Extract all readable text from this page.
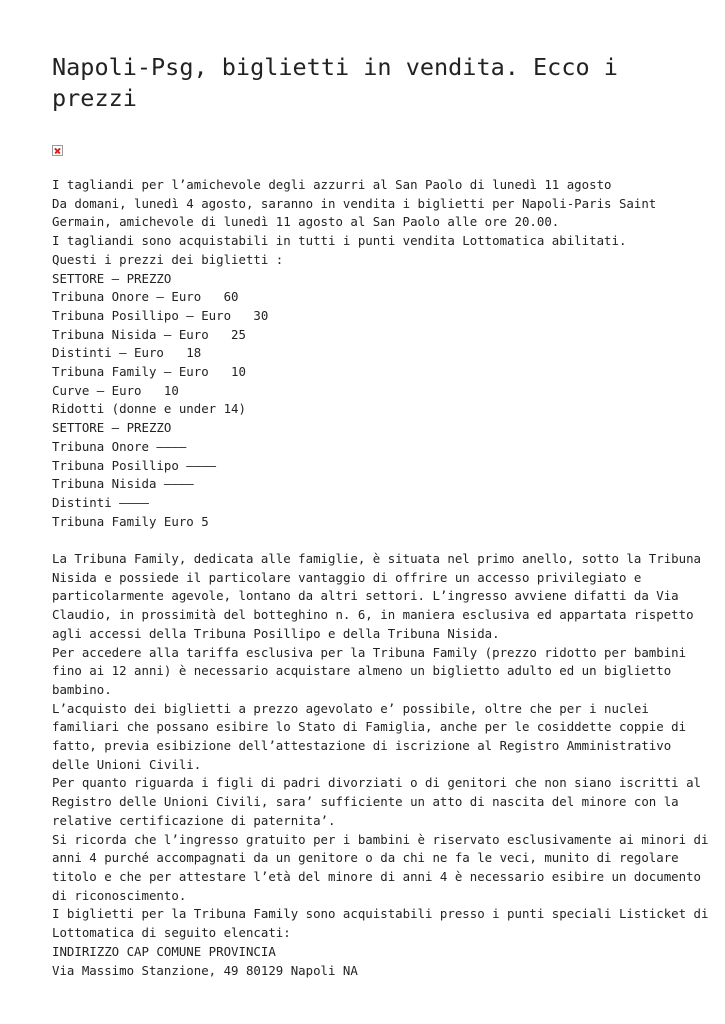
Napoli-Psg, biglietti in vendita. Ecco i
prezzi
I tagliandi per l’amichevole degli azzurri al San Paolo di lunedì 11 agosto
Da domani, lunedì 4 agosto, saranno in vendita i biglietti per Napoli-Paris Saint
Germain, amichevole di lunedì 11 agosto al San Paolo alle ore 20.00.
I tagliandi sono acquistabili in tutti i punti vendita Lottomatica abilitati.
Questi i prezzi dei biglietti :
SETTORE – PREZZO
Tribuna Onore – Euro   60
Tribuna Posillipo – Euro   30
Tribuna Nisida – Euro   25
Distinti – Euro   18
Tribuna Family – Euro   10
Curve – Euro   10
Ridotti (donne e under 14)
SETTORE – PREZZO
Tribuna Onore ————
Tribuna Posillipo ————
Tribuna Nisida ————
Distinti ————
Tribuna Family Euro 5
La Tribuna Family, dedicata alle famiglie, è situata nel primo anello, sotto la Tribuna
Nisida e possiede il particolare vantaggio di offrire un accesso privilegiato e
particolarmente agevole, lontano da altri settori. L’ingresso avviene difatti da Via
Claudio, in prossimità del botteghino n. 6, in maniera esclusiva ed appartata rispetto
agli accessi della Tribuna Posillipo e della Tribuna Nisida.
Per accedere alla tariffa esclusiva per la Tribuna Family (prezzo ridotto per bambini
fino ai 12 anni) è necessario acquistare almeno un biglietto adulto ed un biglietto
bambino.
L’acquisto dei biglietti a prezzo agevolato e’ possibile, oltre che per i nuclei
familiari che possano esibire lo Stato di Famiglia, anche per le cosiddette coppie di
fatto, previa esibizione dell’attestazione di iscrizione al Registro Amministrativo
delle Unioni Civili.
Per quanto riguarda i figli di padri divorziati o di genitori che non siano iscritti al
Registro delle Unioni Civili, sara’ sufficiente un atto di nascita del minore con la
relative certificazione di paternita’.
Si ricorda che l’ingresso gratuito per i bambini è riservato esclusivamente ai minori di
anni 4 purché accompagnati da un genitore o da chi ne fa le veci, munito di regolare
titolo e che per attestare l’età del minore di anni 4 è necessario esibire un documento
di riconoscimento.
I biglietti per la Tribuna Family sono acquistabili presso i punti speciali Listicket di
Lottomatica di seguito elencati:
INDIRIZZO CAP COMUNE PROVINCIA
Via Massimo Stanzione, 49 80129 Napoli NA
